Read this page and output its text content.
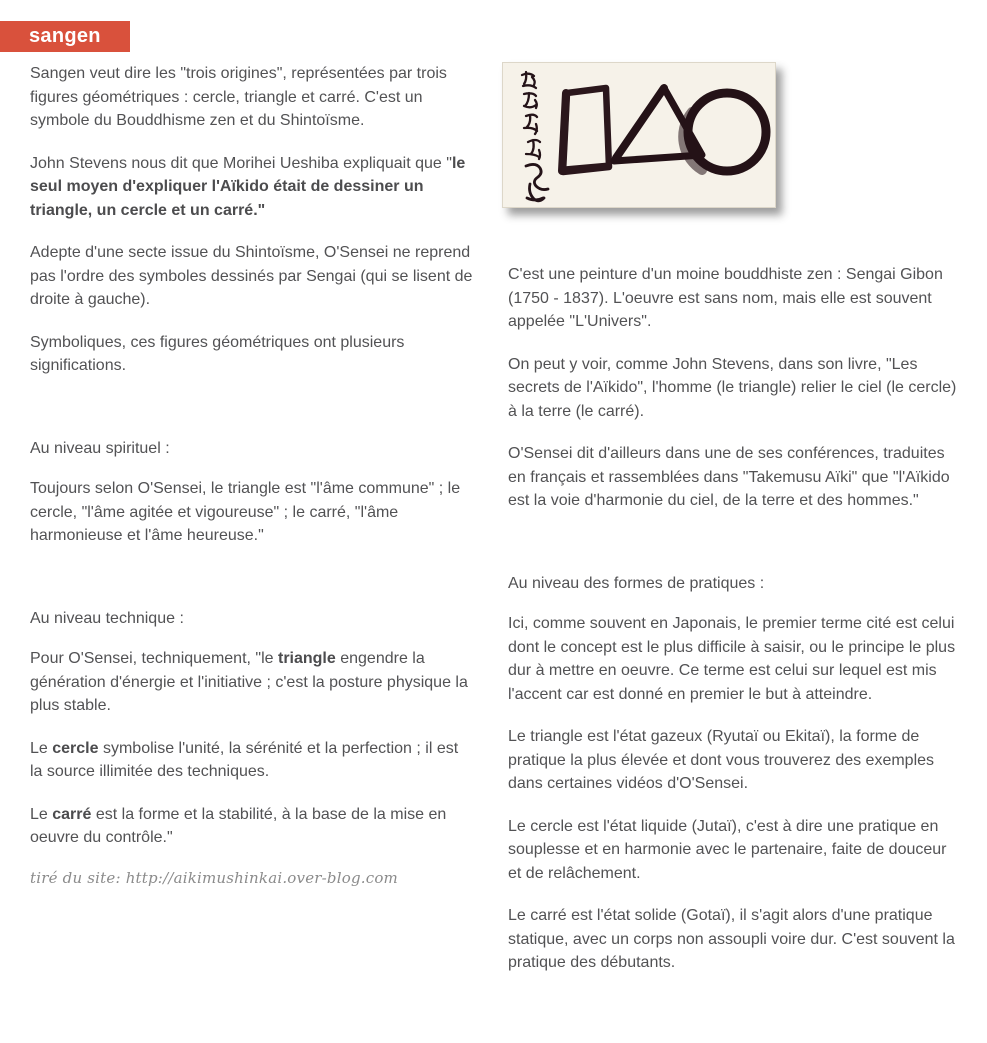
sangen

Sangen veut dire les "trois origines", représentées par trois figures géométriques : cercle, triangle et carré. C'est un symbole du Bouddhisme zen et du Shintoïsme.

John Stevens nous dit que Morihei Ueshiba expliquait que "le seul moyen d'expliquer l'Aïkido était de dessiner un triangle, un cercle et un carré."

Adepte d'une secte issue du Shintoïsme, O'Sensei ne reprend pas l'ordre des symboles dessinés par Sengai (qui se lisent de droite à gauche).

Symboliques, ces figures géométriques ont plusieurs significations.

Au niveau spirituel :

Toujours selon O'Sensei, le triangle est "l'âme commune" ; le cercle, "l'âme agitée et vigoureuse" ; le carré, "l'âme harmonieuse et l'âme heureuse."

Au niveau technique :

Pour O'Sensei, techniquement, "le triangle engendre la génération d'énergie et l'initiative ; c'est la posture physique la plus stable.

Le cercle symbolise l'unité, la sérénité et la perfection ; il est la source illimitée des techniques.

Le carré est la forme et la stabilité, à la base de la mise en oeuvre du contrôle."

tiré du site: http://aikimushinkai.over-blog.com

C'est une peinture d'un moine bouddhiste zen : Sengai Gibon (1750 - 1837). L'oeuvre est sans nom, mais elle est souvent appelée "L'Univers".

On peut y voir, comme John Stevens, dans son livre, "Les secrets de l'Aïkido", l'homme (le triangle) relier le ciel (le cercle) à la terre (le carré).

O'Sensei dit d'ailleurs dans une de ses conférences, traduites en français et rassemblées dans "Takemusu Aïki" que "l'Aïkido est la voie d'harmonie du ciel, de la terre et des hommes."

Au niveau des formes de pratiques :

Ici, comme souvent en Japonais, le premier terme cité est celui dont le concept est le plus difficile à saisir, ou le principe le plus dur à mettre en oeuvre. Ce terme est celui sur lequel est mis l'accent car est donné en premier le but à atteindre.

Le triangle est l'état gazeux (Ryutaï ou Ekitaï), la forme de pratique la plus élevée et dont vous trouverez des exemples dans certaines vidéos d'O'Sensei.

Le cercle est l'état liquide (Jutaï), c'est à dire une pratique en souplesse et en harmonie avec le partenaire, faite de douceur et de relâchement.

Le carré est l'état solide (Gotaï), il s'agit alors d'une pratique statique, avec un corps non assoupli voire dur. C'est souvent la pratique des débutants.
